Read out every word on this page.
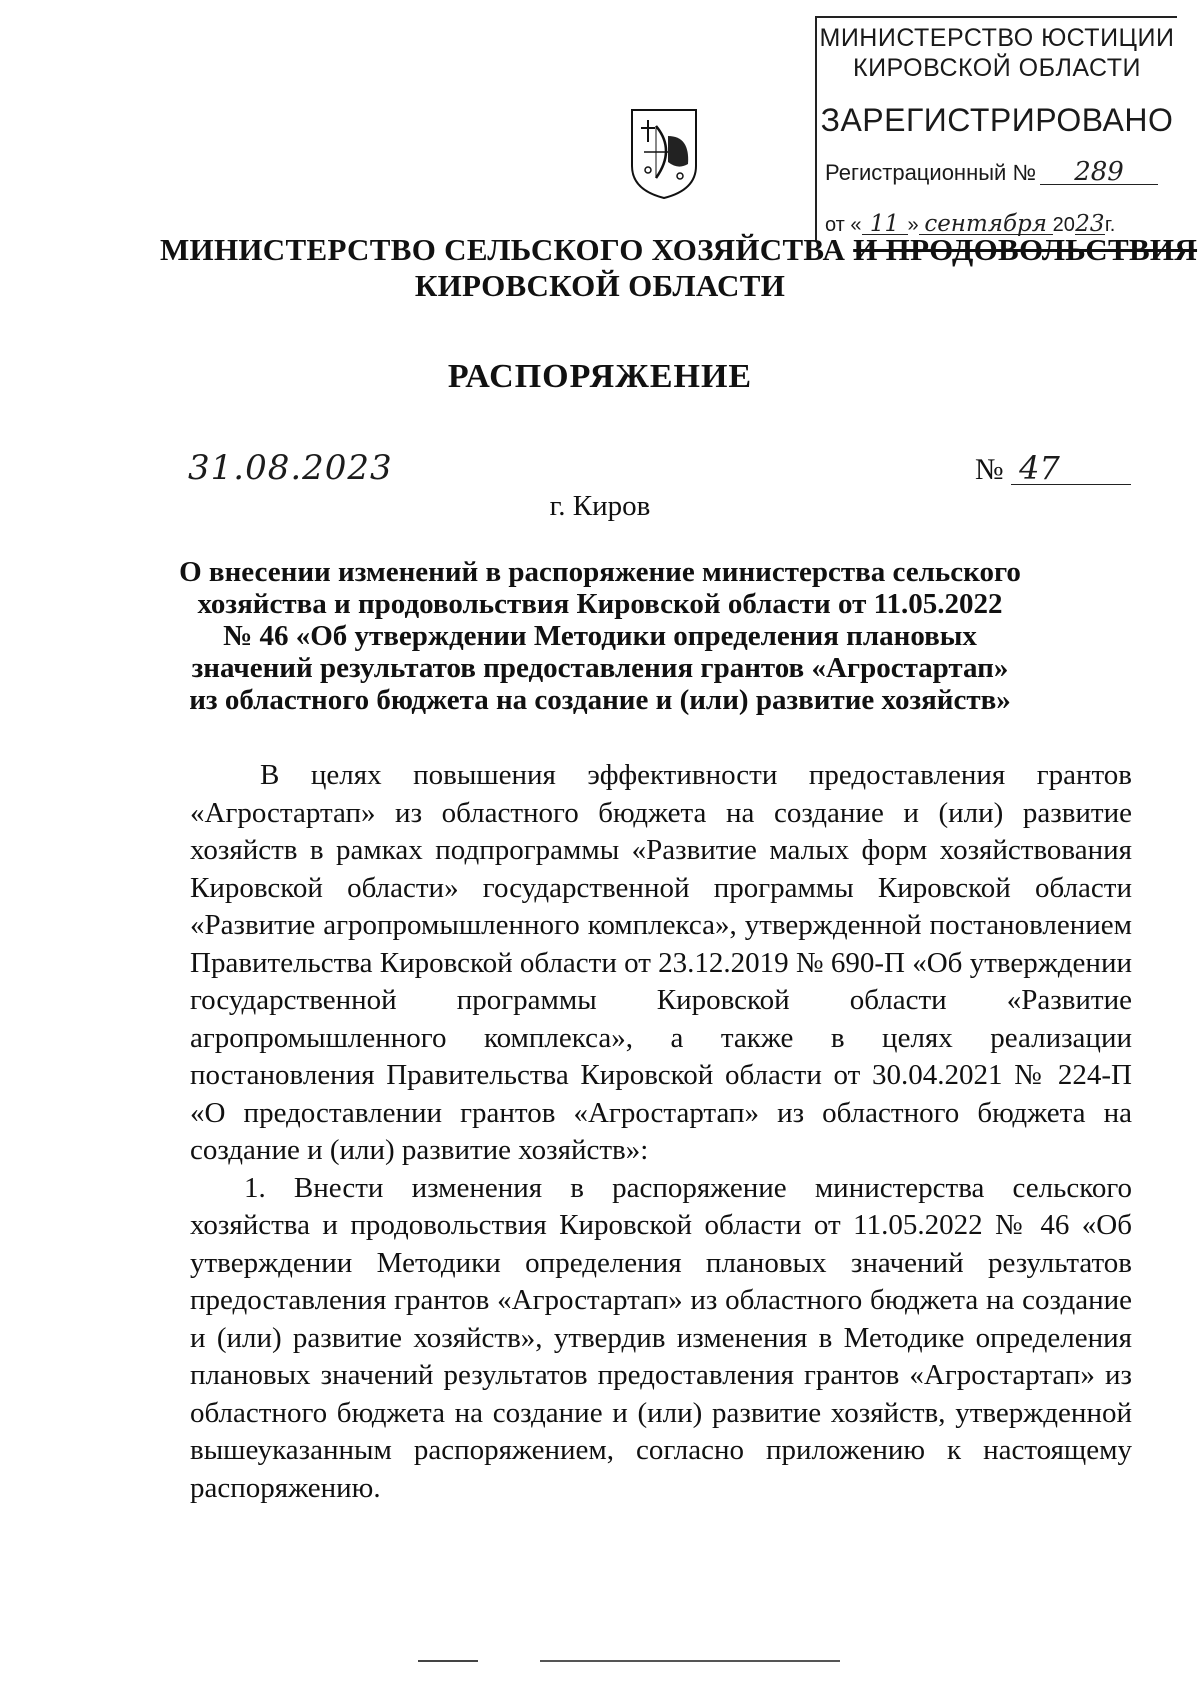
МИНИСТЕРСТВО ЮСТИЦИИ
КИРОВСКОЙ ОБЛАСТИ
ЗАРЕГИСТРИРОВАНО
Регистрационный № 289
от « 11 » сентября 2023г.
МИНИСТЕРСТВО СЕЛЬСКОГО ХОЗЯЙСТВА И ПРОДОВОЛЬСТВИЯ
КИРОВСКОЙ ОБЛАСТИ
РАСПОРЯЖЕНИЕ
31.08.2023	№ 47
г. Киров
О внесении изменений в распоряжение министерства сельского
хозяйства и продовольствия Кировской области от 11.05.2022
№ 46 «Об утверждении Методики определения плановых
значений результатов предоставления грантов «Агростартап»
из областного бюджета на создание и (или) развитие хозяйств»

В целях повышения эффективности предоставления грантов «Агростартап» из областного бюджета на создание и (или) развитие хозяйств в рамках подпрограммы «Развитие малых форм хозяйствования Кировской области» государственной программы Кировской области «Развитие агропромышленного комплекса», утвержденной постановлением Правительства Кировской области от 23.12.2019 № 690-П «Об утверждении государственной программы Кировской области «Развитие агропромышленного комплекса», а также в целях реализации постановления Правительства Кировской области от 30.04.2021 № 224-П «О предоставлении грантов «Агростартап» из областного бюджета на создание и (или) развитие хозяйств»:

1. Внести изменения в распоряжение министерства сельского хозяйства и продовольствия Кировской области от 11.05.2022 № 46 «Об утверждении Методики определения плановых значений результатов предоставления грантов «Агростартап» из областного бюджета на создание и (или) развитие хозяйств», утвердив изменения в Методике определения плановых значений результатов предоставления грантов «Агростартап» из областного бюджета на создание и (или) развитие хозяйств, утвержденной вышеуказанным распоряжением, согласно приложению к настоящему распоряжению.
